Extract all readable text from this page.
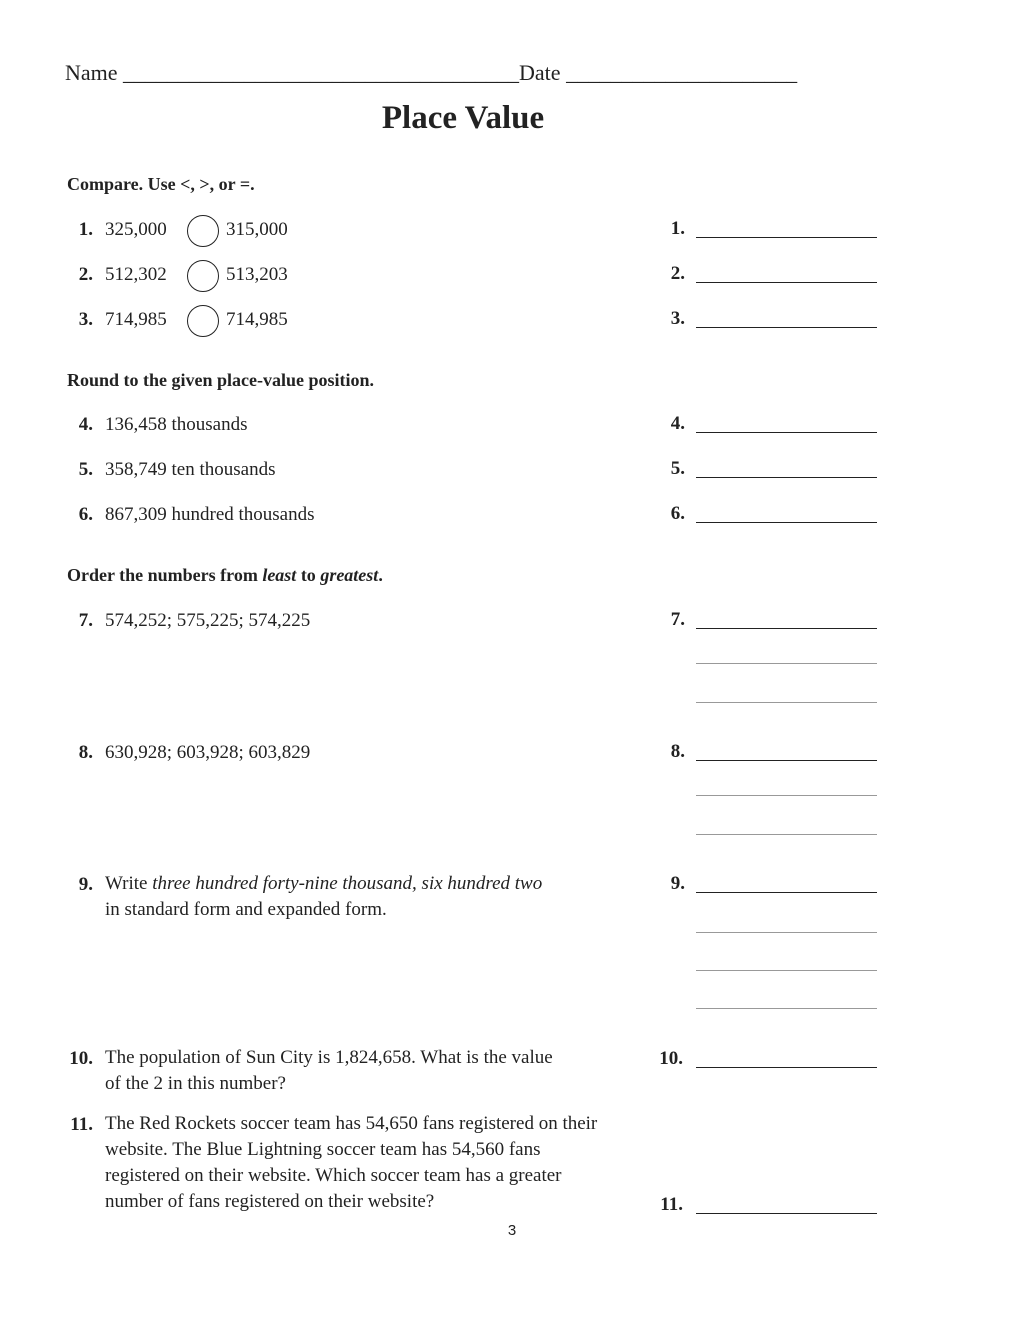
Name ____________________________________Date _____________________
Place Value
Compare. Use <, >, or =.
1. 325,000	315,000
2. 512,302	513,203
3. 714,985	714,985
Round to the given place-value position.
4. 136,458 thousands
5. 358,749 ten thousands
6. 867,309 hundred thousands
Order the numbers from least to greatest.
7. 574,252; 575,225; 574,225
8. 630,928; 603,928; 603,829
9. Write three hundred forty-nine thousand, six hundred two
in standard form and expanded form.
10. The population of Sun City is 1,824,658. What is the value
of the 2 in this number?
11. The Red Rockets soccer team has 54,650 fans registered on their
website. The Blue Lightning soccer team has 54,560 fans
registered on their website. Which soccer team has a greater
number of fans registered on their website?
1.
2.
3.
4.
5.
6.
7.
8.
9.
10.
11.
3
